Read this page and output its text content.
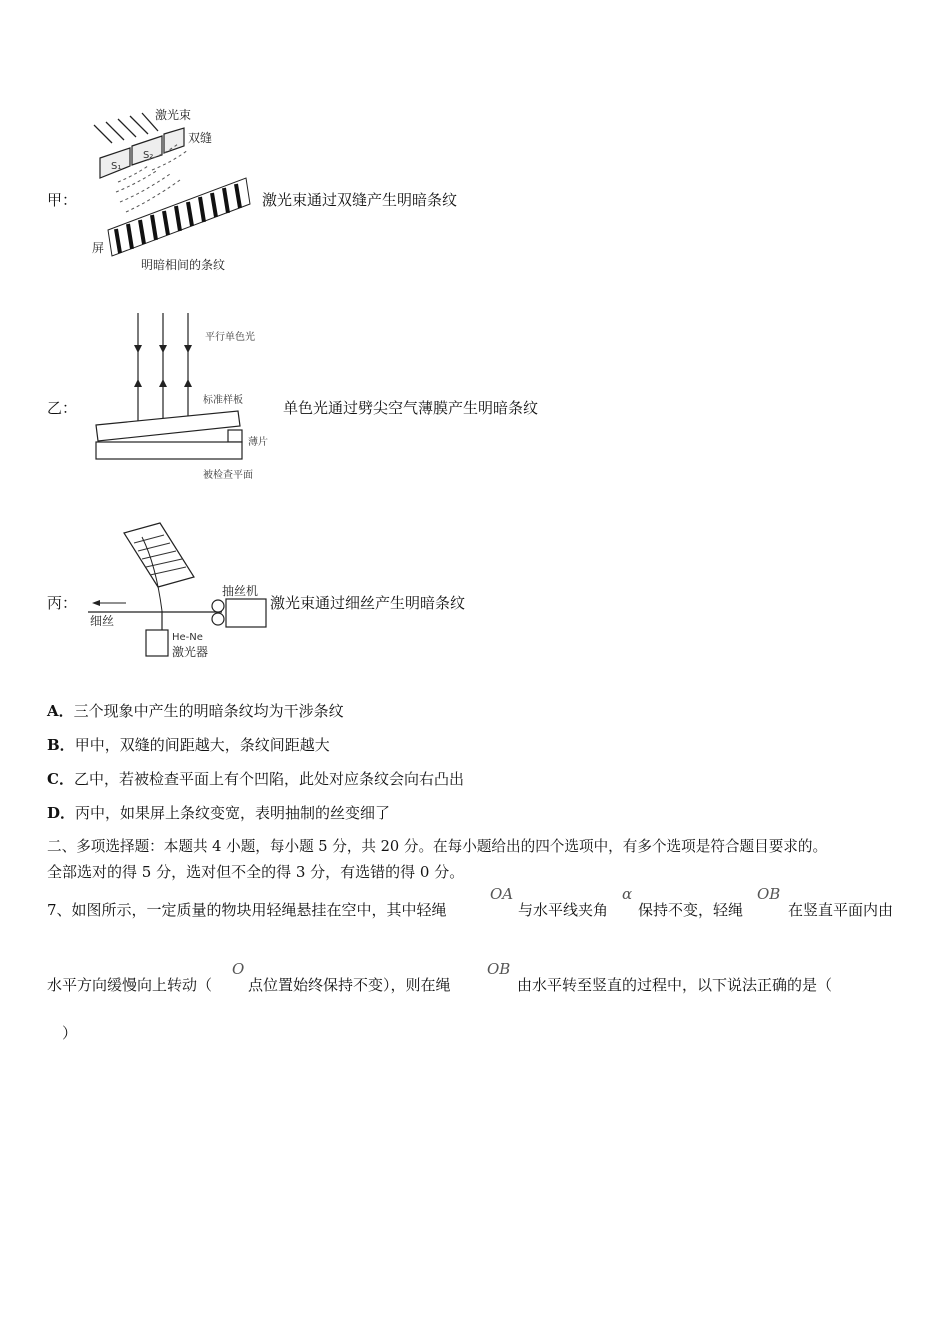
甲：
激光束
双缝
S₁
S₂
屏
明暗相间的条纹
激光束通过双缝产生明暗条纹
乙：
平行单色光
标准样板
薄片
被检查平面
单色光通过劈尖空气薄膜产生明暗条纹
丙：
细丝
抽丝机
He-Ne
激光器
激光束通过细丝产生明暗条纹
A．三个现象中产生的明暗条纹均为干涉条纹
B．甲中，双缝的间距越大，条纹间距越大
C．乙中，若被检查平面上有个凹陷，此处对应条纹会向右凸出
D．丙中，如果屏上条纹变宽，表明抽制的丝变细了
二、多项选择题：本题共 4 小题，每小题 5 分，共 20 分。在每小题给出的四个选项中，有多个选项是符合题目要求的。
全部选对的得 5 分，选对但不全的得 3 分，有选错的得 0 分。
7、如图所示，一定质量的物块用轻绳悬挂在空中，其中轻绳
OA
与水平线夹角
α
保持不变，轻绳
OB
在竖直平面内由
水平方向缓慢向上转动（
O
点位置始终保持不变），则在绳
OB
由水平转至竖直的过程中，以下说法正确的是（
）
